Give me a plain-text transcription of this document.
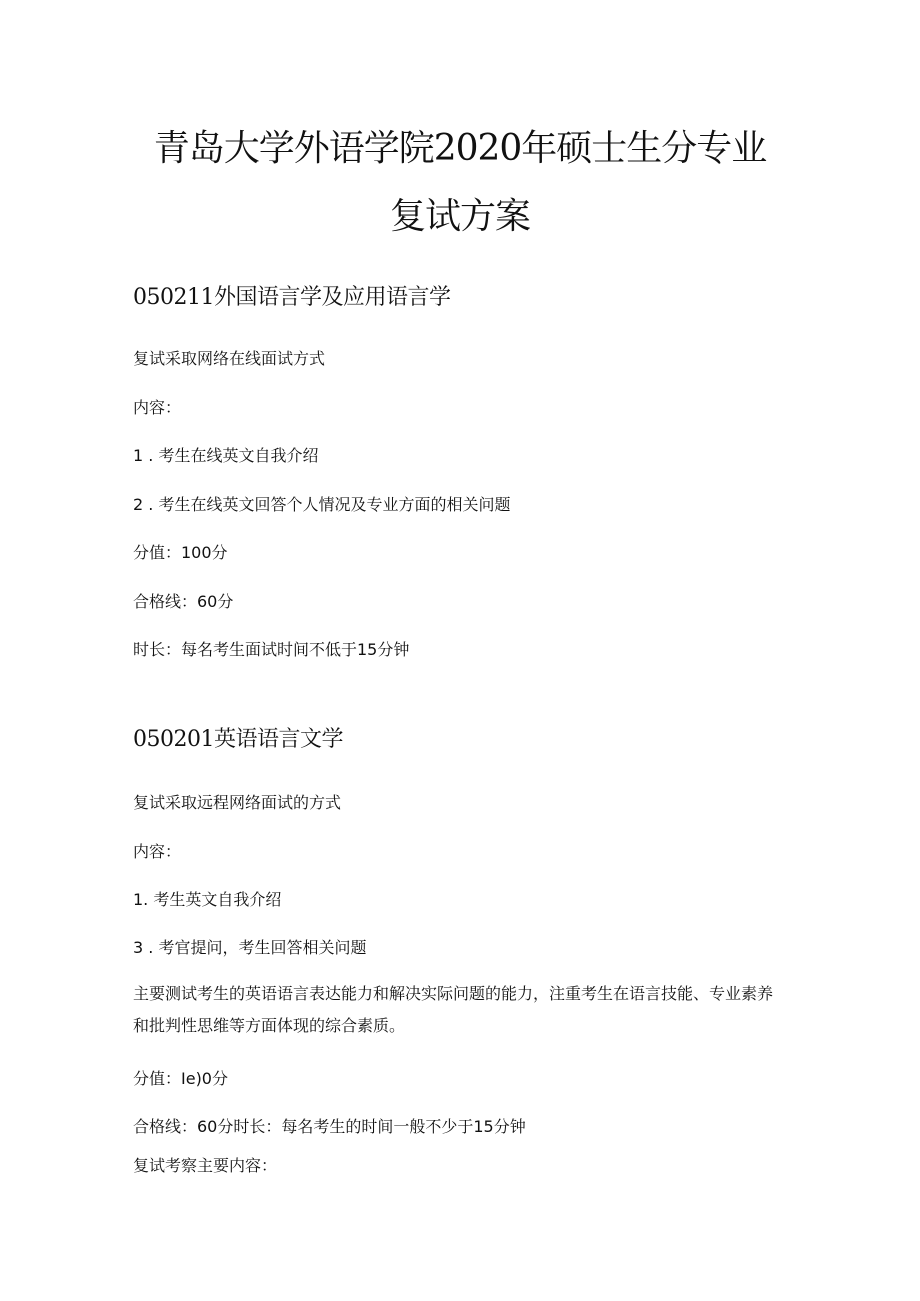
青岛大学外语学院2020年硕士生分专业
复试方案
050211外国语言学及应用语言学

复试采取网络在线面试方式

内容：

1 . 考生在线英文自我介绍

2 . 考生在线英文回答个人情况及专业方面的相关问题

分值：100分

合格线：60分

时长：每名考生面试时间不低于15分钟

050201英语语言文学

复试采取远程网络面试的方式

内容：

1. 考生英文自我介绍

3 . 考官提问，考生回答相关问题

主要测试考生的英语语言表达能力和解决实际问题的能力，注重考生在语言技能、专业素养和批判性思维等方面体现的综合素质。

分值：Ie)0分

合格线：60分时长：每名考生的时间一般不少于15分钟

复试考察主要内容：
